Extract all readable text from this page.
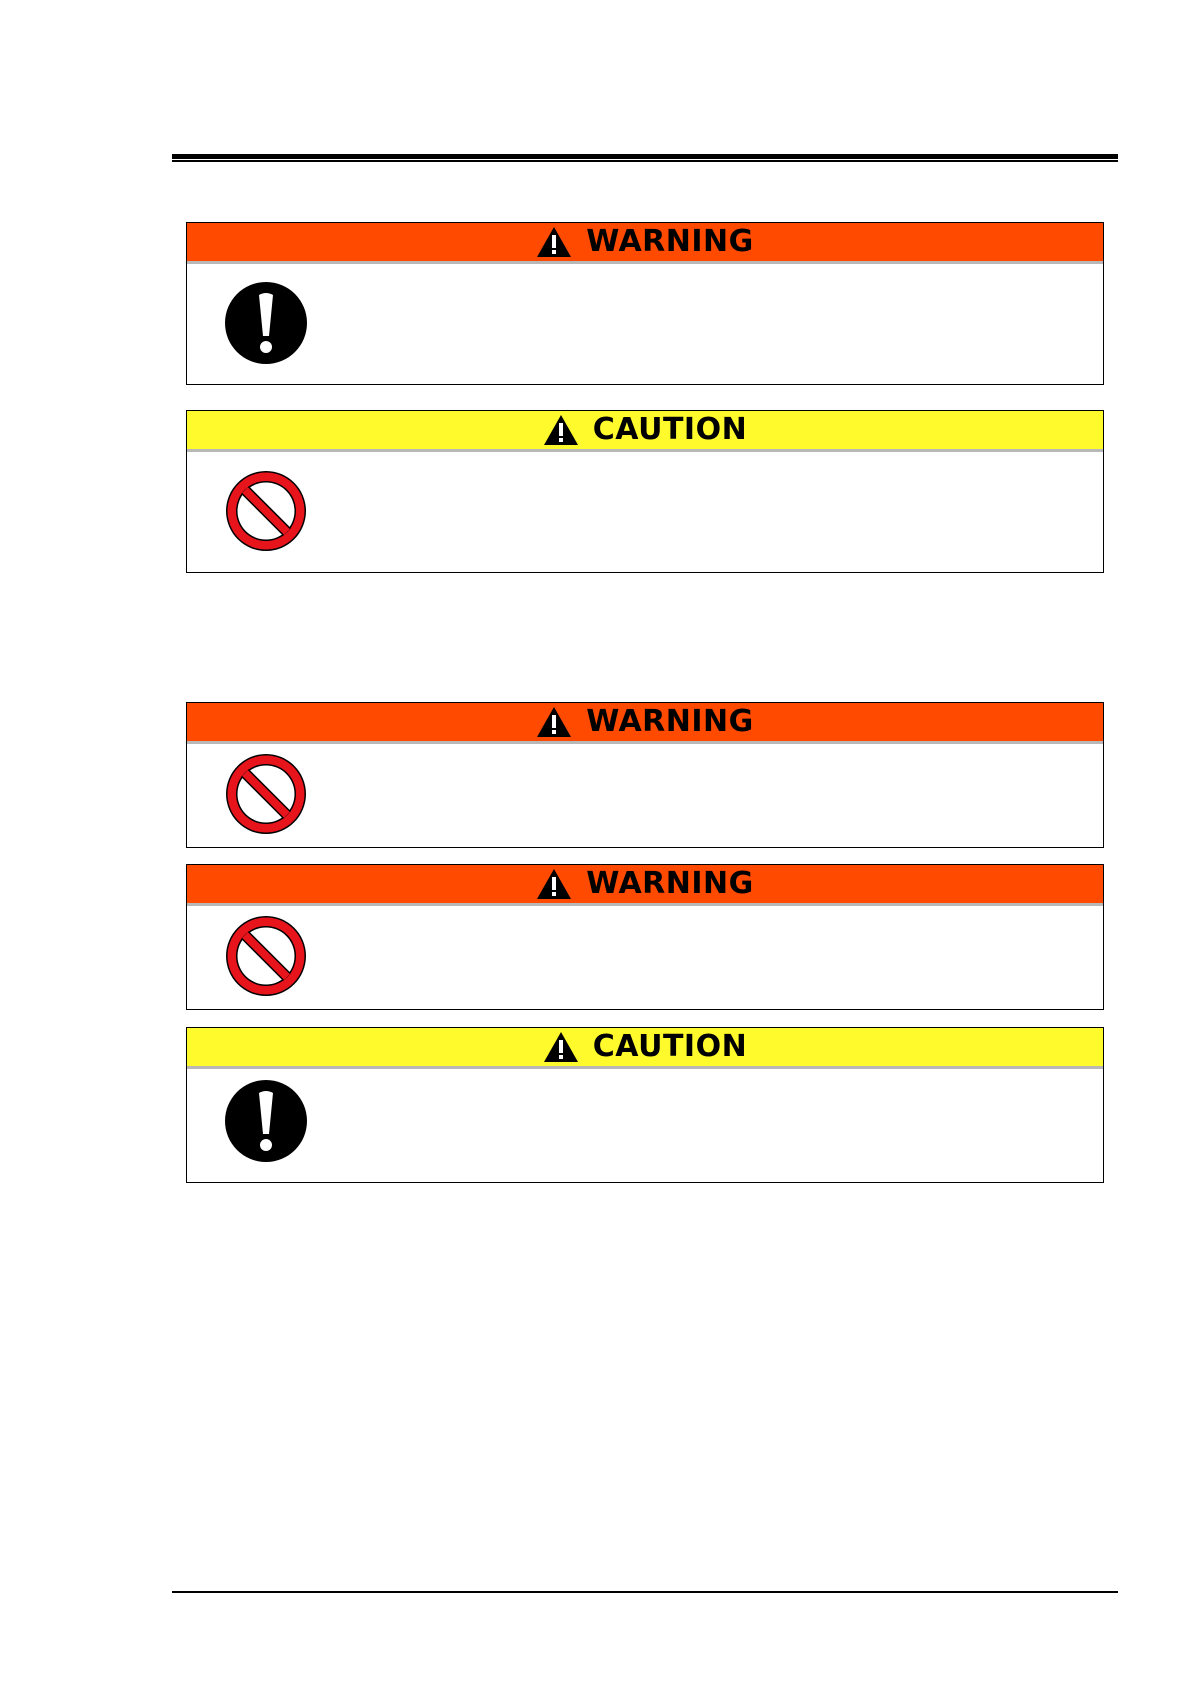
WARNING
CAUTION
WARNING
WARNING
CAUTION
